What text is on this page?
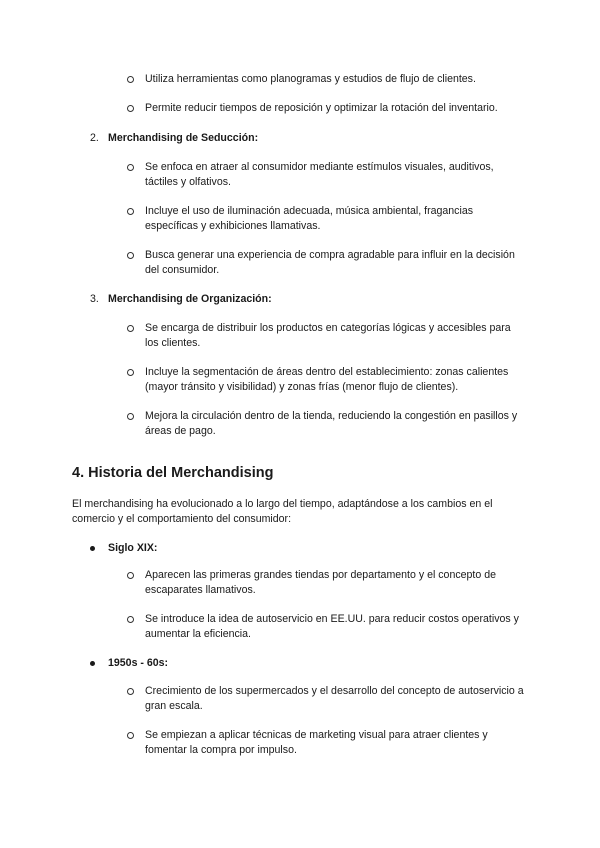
Utiliza herramientas como planogramas y estudios de flujo de clientes.
Permite reducir tiempos de reposición y optimizar la rotación del inventario.
2. Merchandising de Seducción:
Se enfoca en atraer al consumidor mediante estímulos visuales, auditivos, táctiles y olfativos.
Incluye el uso de iluminación adecuada, música ambiental, fragancias específicas y exhibiciones llamativas.
Busca generar una experiencia de compra agradable para influir en la decisión del consumidor.
3. Merchandising de Organización:
Se encarga de distribuir los productos en categorías lógicas y accesibles para los clientes.
Incluye la segmentación de áreas dentro del establecimiento: zonas calientes (mayor tránsito y visibilidad) y zonas frías (menor flujo de clientes).
Mejora la circulación dentro de la tienda, reduciendo la congestión en pasillos y áreas de pago.
4. Historia del Merchandising
El merchandising ha evolucionado a lo largo del tiempo, adaptándose a los cambios en el comercio y el comportamiento del consumidor:
Siglo XIX:
Aparecen las primeras grandes tiendas por departamento y el concepto de escaparates llamativos.
Se introduce la idea de autoservicio en EE.UU. para reducir costos operativos y aumentar la eficiencia.
1950s - 60s:
Crecimiento de los supermercados y el desarrollo del concepto de autoservicio a gran escala.
Se empiezan a aplicar técnicas de marketing visual para atraer clientes y fomentar la compra por impulso.
